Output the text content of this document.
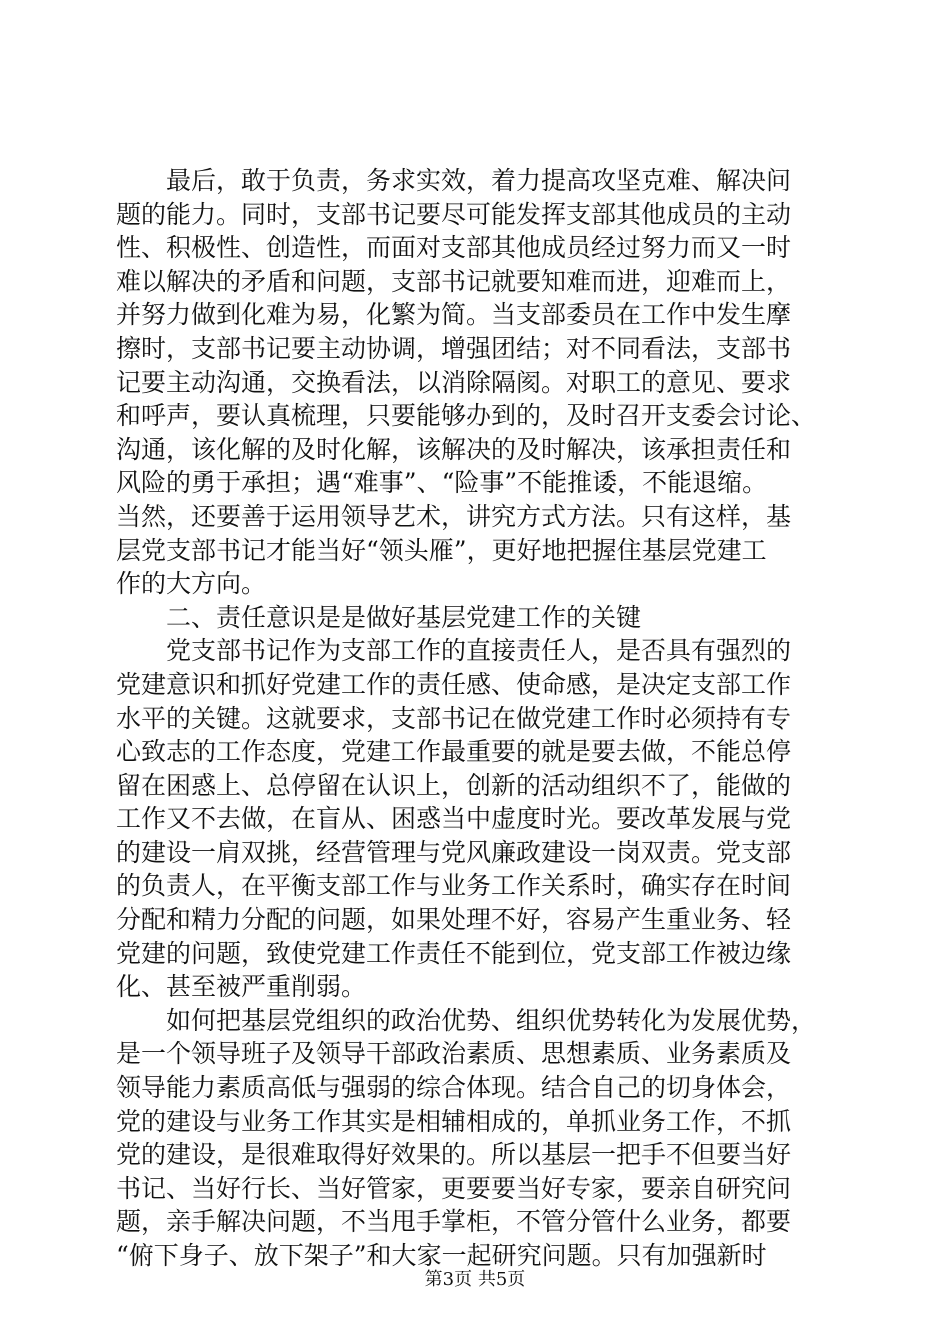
　　最后，敢于负责，务求实效，着力提高攻坚克难、解决问
题的能力。同时，支部书记要尽可能发挥支部其他成员的主动
性、积极性、创造性，而面对支部其他成员经过努力而又一时
难以解决的矛盾和问题，支部书记就要知难而进，迎难而上，
并努力做到化难为易，化繁为简。当支部委员在工作中发生摩
擦时，支部书记要主动协调，增强团结；对不同看法，支部书
记要主动沟通，交换看法，以消除隔阂。对职工的意见、要求
和呼声，要认真梳理，只要能够办到的，及时召开支委会讨论、
沟通，该化解的及时化解，该解决的及时解决，该承担责任和
风险的勇于承担；遇“难事”、“险事”不能推诿，不能退缩。
当然，还要善于运用领导艺术，讲究方式方法。只有这样，基
层党支部书记才能当好“领头雁”，更好地把握住基层党建工
作的大方向。
　　二、责任意识是是做好基层党建工作的关键
　　党支部书记作为支部工作的直接责任人，是否具有强烈的
党建意识和抓好党建工作的责任感、使命感，是决定支部工作
水平的关键。这就要求，支部书记在做党建工作时必须持有专
心致志的工作态度，党建工作最重要的就是要去做，不能总停
留在困惑上、总停留在认识上，创新的活动组织不了，能做的
工作又不去做，在盲从、困惑当中虚度时光。要改革发展与党
的建设一肩双挑，经营管理与党风廉政建设一岗双责。党支部
的负责人，在平衡支部工作与业务工作关系时，确实存在时间
分配和精力分配的问题，如果处理不好，容易产生重业务、轻
党建的问题，致使党建工作责任不能到位，党支部工作被边缘
化、甚至被严重削弱。
　　如何把基层党组织的政治优势、组织优势转化为发展优势，
是一个领导班子及领导干部政治素质、思想素质、业务素质及
领导能力素质高低与强弱的综合体现。结合自己的切身体会，
党的建设与业务工作其实是相辅相成的，单抓业务工作，不抓
党的建设，是很难取得好效果的。所以基层一把手不但要当好
书记、当好行长、当好管家，更要要当好专家，要亲自研究问
题，亲手解决问题，不当甩手掌柜，不管分管什么业务，都要
“俯下身子、放下架子”和大家一起研究问题。只有加强新时
第3页 共5页
